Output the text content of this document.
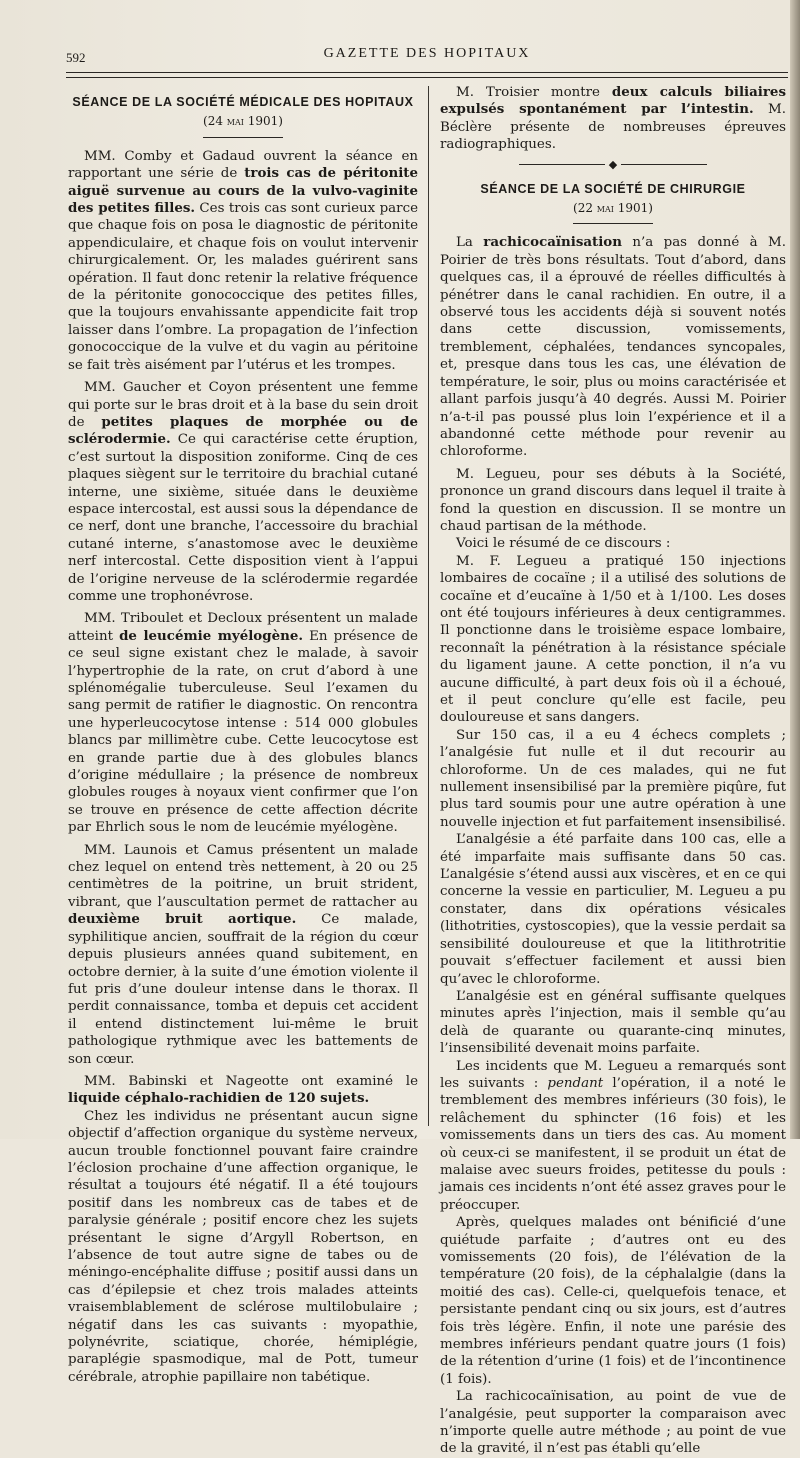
592	GAZETTE DES HOPITAUX
SÉANCE DE LA SOCIÉTÉ MÉDICALE DES HOPITAUX
(24 mai 1901)

MM. Comby et Gadaud ouvrent la séance en rapportant une série de trois cas de péritonite aiguë survenue au cours de la vulvo-vaginite des petites filles. Ces trois cas sont curieux parce que chaque fois on posa le diagnostic de péritonite appendiculaire, et chaque fois on voulut intervenir chirurgicalement. Or, les malades guérirent sans opération. Il faut donc retenir la relative fréquence de la péritonite gonococcique des petites filles, que la toujours envahissante appendicite fait trop laisser dans l’ombre. La propagation de l’infection gonococcique de la vulve et du vagin au péritoine se fait très aisément par l’utérus et les trompes.

MM. Gaucher et Coyon présentent une femme qui porte sur le bras droit et à la base du sein droit de petites plaques de morphée ou de sclérodermie. Ce qui caractérise cette éruption, c’est surtout la disposition zoniforme. Cinq de ces plaques siègent sur le territoire du brachial cutané interne, une sixième, située dans le deuxième espace intercostal, est aussi sous la dépendance de ce nerf, dont une branche, l’accessoire du brachial cutané interne, s’anastomose avec le deuxième nerf intercostal. Cette disposition vient à l’appui de l’origine nerveuse de la sclérodermie regardée comme une trophonévrose.

MM. Triboulet et Decloux présentent un malade atteint de leucémie myélogène. En présence de ce seul signe existant chez le malade, à savoir l’hypertrophie de la rate, on crut d’abord à une splénomégalie tuberculeuse. Seul l’examen du sang permit de ratifier le diagnostic. On rencontra une hyperleucocytose intense : 514 000 globules blancs par millimètre cube. Cette leucocytose est en grande partie due à des globules blancs d’origine médullaire ; la présence de nombreux globules rouges à noyaux vient confirmer que l’on se trouve en présence de cette affection décrite par Ehrlich sous le nom de leucémie myélogène.

MM. Launois et Camus présentent un malade chez lequel on entend très nettement, à 20 ou 25 centimètres de la poitrine, un bruit strident, vibrant, que l’auscultation permet de rattacher au deuxième bruit aortique. Ce malade, syphilitique ancien, souffrait de la région du cœur depuis plusieurs années quand subitement, en octobre dernier, à la suite d’une émotion violente il fut pris d’une douleur intense dans le thorax. Il perdit connaissance, tomba et depuis cet accident il entend distinctement lui-même le bruit pathologique rythmique avec les battements de son cœur.

MM. Babinski et Nageotte ont examiné le liquide céphalo-rachidien de 120 sujets.

Chez les individus ne présentant aucun signe objectif d’affection organique du système nerveux, aucun trouble fonctionnel pouvant faire craindre l’éclosion prochaine d’une affection organique, le résultat a toujours été négatif. Il a été toujours positif dans les nombreux cas de tabes et de paralysie générale ; positif encore chez les sujets présentant le signe d’Argyll Robertson, en l’absence de tout autre signe de tabes ou de méningo-encéphalite diffuse ; positif aussi dans un cas d’épilepsie et chez trois malades atteints vraisemblablement de sclérose multilobulaire ; négatif dans les cas suivants : myopathie, polynévrite, sciatique, chorée, hémiplégie, paraplégie spasmodique, mal de Pott, tumeur cérébrale, atrophie papillaire non tabétique.

M. Troisier montre deux calculs biliaires expulsés spontanément par l’intestin. M. Béclère présente de nombreuses épreuves radiographiques.

◆
SÉANCE DE LA SOCIÉTÉ DE CHIRURGIE
(22 mai 1901)

La rachicocaïnisation n’a pas donné à M. Poirier de très bons résultats. Tout d’abord, dans quelques cas, il a éprouvé de réelles difficultés à pénétrer dans le canal rachidien. En outre, il a observé tous les accidents déjà si souvent notés dans cette discussion, vomissements, tremblement, céphalées, tendances syncopales, et, presque dans tous les cas, une élévation de température, le soir, plus ou moins caractérisée et allant parfois jusqu’à 40 degrés. Aussi M. Poirier n’a-t-il pas poussé plus loin l’expérience et il a abandonné cette méthode pour revenir au chloroforme.

M. Legueu, pour ses débuts à la Société, prononce un grand discours dans lequel il traite à fond la question en discussion. Il se montre un chaud partisan de la méthode.

Voici le résumé de ce discours :

M. F. Legueu a pratiqué 150 injections lombaires de cocaïne ; il a utilisé des solutions de cocaïne et d’eucaïne à 1/50 et à 1/100. Les doses ont été toujours inférieures à deux centigrammes. Il ponctionne dans le troisième espace lombaire, reconnaît la pénétration à la résistance spéciale du ligament jaune. A cette ponction, il n’a vu aucune difficulté, à part deux fois où il a échoué, et il peut conclure qu’elle est facile, peu douloureuse et sans dangers.

Sur 150 cas, il a eu 4 échecs complets ; l’analgésie fut nulle et il dut recourir au chloroforme. Un de ces malades, qui ne fut nullement insensibilisé par la première piqûre, fut plus tard soumis pour une autre opération à une nouvelle injection et fut parfaitement insensibilisé.

L’analgésie a été parfaite dans 100 cas, elle a été imparfaite mais suffisante dans 50 cas. L’analgésie s’étend aussi aux viscères, et en ce qui concerne la vessie en particulier, M. Legueu a pu constater, dans dix opérations vésicales (lithotrities, cystoscopies), que la vessie perdait sa sensibilité douloureuse et que la litithrotritie pouvait s’effectuer facilement et aussi bien qu’avec le chloroforme.

L’analgésie est en général suffisante quelques minutes après l’injection, mais il semble qu’au delà de quarante ou quarante-cinq minutes, l’insensibilité devenait moins parfaite.

Les incidents que M. Legueu a remarqués sont les suivants : pendant l’opération, il a noté le tremblement des membres inférieurs (30 fois), le relâchement du sphincter (16 fois) et les vomissements dans un tiers des cas. Au moment où ceux-ci se manifestent, il se produit un état de malaise avec sueurs froides, petitesse du pouls : jamais ces incidents n’ont été assez graves pour le préoccuper.

Après, quelques malades ont bénificié d’une quiétude parfaite ; d’autres ont eu des vomissements (20 fois), de l’élévation de la température (20 fois), de la céphalalgie (dans la moitié des cas). Celle-ci, quelquefois tenace, et persistante pendant cinq ou six jours, est d’autres fois très légère. Enfin, il note une parésie des membres inférieurs pendant quatre jours (1 fois) de la rétention d’urine (1 fois) et de l’incontinence (1 fois).

La rachicocaïnisation, au point de vue de l’analgésie, peut supporter la comparaison avec n’importe quelle autre méthode ; au point de vue de la gravité, il n’est pas établi qu’elle
